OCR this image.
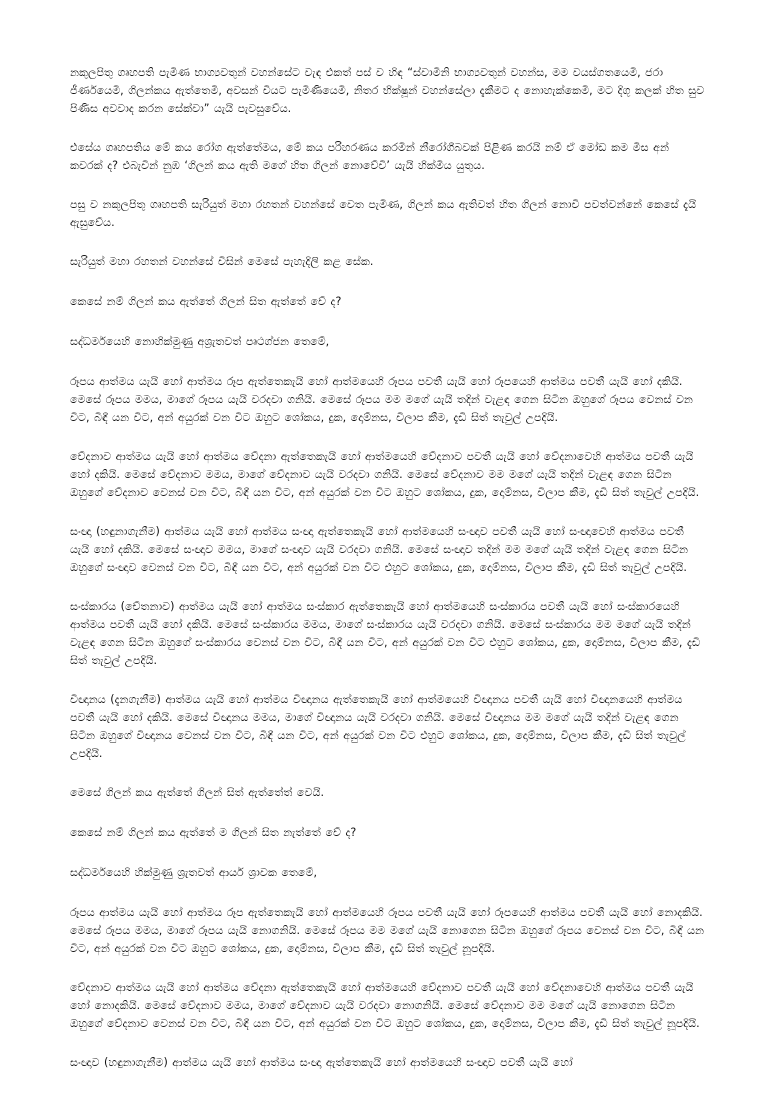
නකුලපිතු ගෘහපති පැමිණ භාග්‍යවතුන් වහන්සේට වැඳ එකත් පස් ව හිඳ “ස්වාමීනි භාග්‍යවතුන් වහන්ස, මම වයස්ගතයෙමි, ජරා ජීර්ණයෙමි, ගිලන්කය ඇත්තෙමි, අවසන් වියට පැමිණියෙමි, නිතර භික්ෂූන් වහන්සේලා දැකීමට ද නොහැක්කෙමි, මට දිගු කලක් හිත සුව පිණිස අවවාද කරන සේක්වා” යැයි පැවසුවේය.

එසේය ගෘහපතිය මේ කය රෝග ඇත්තේමය, මේ කය පරිහරණය කරමින් නීරෝගීබවක් පිළිණ කරයි නම් ඒ මෝඩ කම මිස අන් කවරක් ද? එබැවින් නුඹ ‘ගිලන් කය ඇති මගේ හිත ගිලන් නොවේවි’ යැයි හික්මිය යුතුය.

පසු ව නකුලපිතු ගෘහපති සැරියුත් මහා රහතන් වහන්සේ වෙත පැමිණ, ගිලන් කය ඇතිවත් හිත ගිලන් නොවී පවත්වන්නේ කෙසේ දැයි ඇසුවේය.

සැරියුත් මහා රහතන් වහන්සේ විසින් මෙසේ පැහැදිලි කළ සේක.

කෙසේ නම් ගිලන් කය ඇත්තේ ගිලන් සිත ඇත්තේ වේ ද?

සද්ධර්මයෙහි නොහික්මුණු අශ්‍රැතවත් පෘථග්ජන තෙමේ,

රූපය ආත්මය යැයි හෝ ආත්මය රූප ඇත්තෙකැයි හෝ ආත්මයෙහි රූපය පවතී යැයි හෝ රූපයෙහි ආත්මය පවතී යැයි හෝ දකියි. මෙසේ රූපය මමය, මාගේ රූපය යැයි වරදවා ගනියි. මෙසේ රූපය මම මගේ යැයි තදින් වැළඳ ගෙන සිටින ඔහුගේ රූපය වෙනස් වන විට, බිඳී යන විට, අන් අයුරක් වන විට ඔහුට ශෝකය, දුක, දොම්නස, විලාප කීම, දැඩි සිත් තැවුල් උපදියි.

වේදනාව ආත්මය යැයි හෝ ආත්මය වේදනා ඇත්තෙකැයි හෝ ආත්මයෙහි වේදනාව පවතී යැයි හෝ වේදනාවෙහි ආත්මය පවතී යැයි හෝ දකියි. මෙසේ වේදනාව මමය, මාගේ වේදනාව යැයි වරදවා ගනියි. මෙසේ වේදනාව මම මගේ යැයි තදින් වැළඳ ගෙන සිටින ඔහුගේ වේදනාව වෙනස් වන විට, බිඳී යන විට, අන් අයුරක් වන විට ඔහුට ශෝකය, දුක, දොම්නස, විලාප කීම, දැඩි සිත් තැවුල් උපදියි.

සංඥා (හඳුනාගැනීම) ආත්මය යැයි හෝ ආත්මය සංඥා ඇත්තෙකැයි හෝ ආත්මයෙහි සංඥාව පවතී යැයි හෝ සංඥාවෙහි ආත්මය පවතී යැයි හෝ දකියි. මෙසේ සංඥාව මමය, මාගේ සංඥාව යැයි වරදවා ගනියි. මෙසේ සංඥාව තදින් මම මගේ යැයි තදින් වැළඳ ගෙන සිටින ඔහුගේ සංඥාව වෙනස් වන විට, බිඳී යන විට, අන් අයුරක් වන විට එහුට ශෝකය, දුක, දොම්නස, විලාප කීම, දැඩි සිත් තැවුල් උපදියි.

සංස්කාරය (චේතනාව) ආත්මය යැයි හෝ ආත්මය සංස්කාර ඇත්තෙකැයි හෝ ආත්මයෙහි සංස්කාරය පවතී යැයි හෝ සංස්කාරයෙහි ආත්මය පවතී යැයි හෝ දකියි. මෙසේ සංස්කාරය මමය, මාගේ සංස්කාරය යැයි වරදවා ගනියි. මෙසේ සංස්කාරය මම මගේ යැයි තදින් වැළඳ ගෙන සිටින ඔහුගේ සංස්කාරය වෙනස් වන විට, බිඳී යන විට, අන් අයුරක් වන විට එහුට ශෝකය, දුක, දොම්නස, විලාප කීම, දැඩි සිත් තැවුල් උපදියි.

විඥානය (දැනගැනීම) ආත්මය යැයි හෝ ආත්මය විඥානය ඇත්තෙකැයි හෝ ආත්මයෙහි විඥානය පවතී යැයි හෝ විඥානයෙහි ආත්මය පවතී යැයි හෝ දකියි. මෙසේ විඥානය මමය, මාගේ විඥානය යැයි වරදවා ගනියි. මෙසේ විඥානය මම මගේ යැයි තදින් වැළඳ ගෙන සිටින ඔහුගේ විඥානය වෙනස් වන විට, බිඳී යන විට, අන් අයුරක් වන විට එහුට ශෝකය, දුක, දොම්නස, විලාප කීම, දැඩි සිත් තැවුල් උපදියි.

මෙසේ ගිලන් කය ඇත්තේ ගිලන් සිත් ඇත්තේත් වෙයි.

කෙසේ නම් ගිලන් කය ඇත්තේ ම ගිලන් සිත නැත්තේ වේ ද?

සද්ධර්මයෙහි හික්මුණු ශ්‍රැතවත් ආර්ය ශ්‍රාවක තෙමේ,

රූපය ආත්මය යැයි හෝ ආත්මය රූප ඇත්තෙකැයි හෝ ආත්මයෙහි රූපය පවතී යැයි හෝ රූපයෙහි ආත්මය පවතී යැයි හෝ නොදකියි. මෙසේ රූපය මමය, මාගේ රූපය යැයි නොගනියි. මෙසේ රූපය මම මගේ යැයි නොගෙන සිටින ඔහුගේ රූපය වෙනස් වන විට, බිඳී යන විට, අන් අයුරක් වන විට ඔහුට ශෝකය, දුක, දොම්නස, විලාප කීම, දැඩි සිත් තැවුල් නූපදියි.

වේදනාව ආත්මය යැයි හෝ ආත්මය වේදනා ඇත්තෙකැයි හෝ ආත්මයෙහි වේදනාව පවතී යැයි හෝ වේදනාවෙහි ආත්මය පවතී යැයි හෝ නොදකියි. මෙසේ වේදනාව මමය, මාගේ වේදනාව යැයි වරදවා නොගනියි. මෙසේ වේදනාව මම මගේ යැයි නොගෙන සිටින ඔහුගේ වේදනාව වෙනස් වන විට, බිඳී යන විට, අන් අයුරක් වන විට ඔහුට ශෝකය, දුක, දොම්නස, විලාප කීම, දැඩි සිත් තැවුල් නූපදියි.

සංඥාව (හඳුනාගැනීම) ආත්මය යැයි හෝ ආත්මය සංඥා ඇත්තෙකැයි හෝ ආත්මයෙහි සංඥාව පවතී යැයි හෝ
